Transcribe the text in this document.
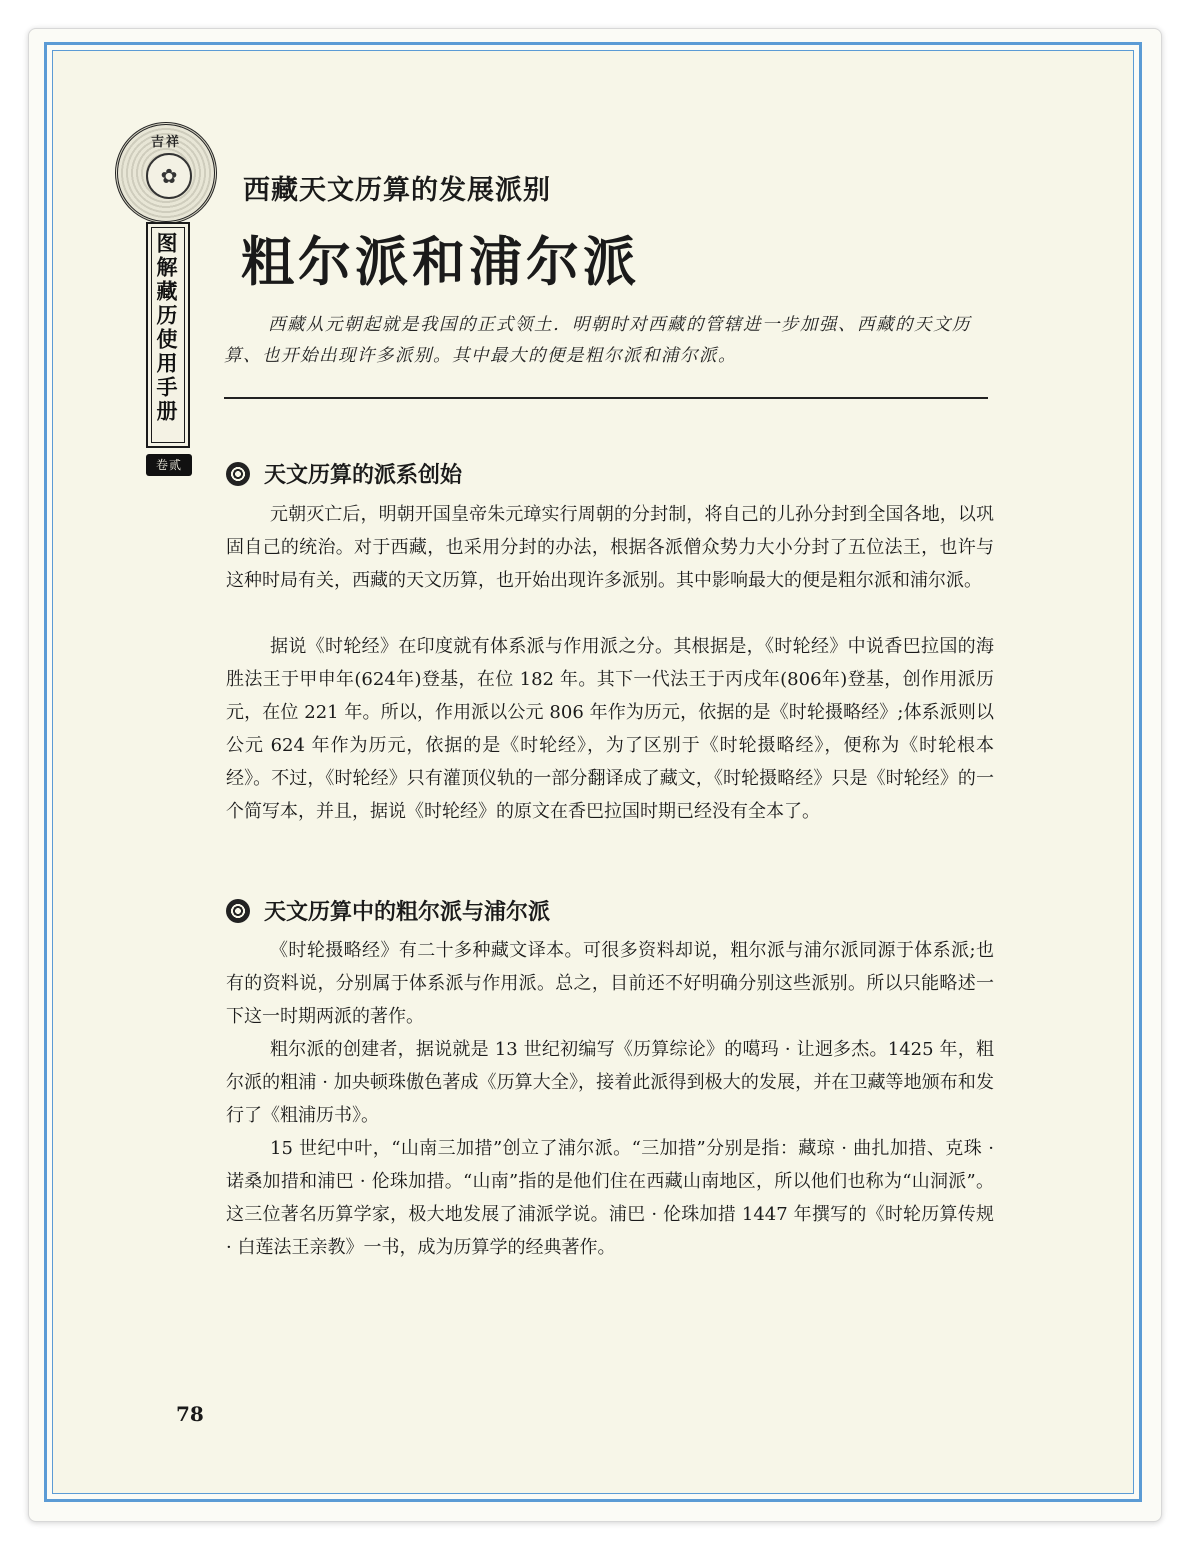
吉祥
✿
图解藏历使用手册
卷贰
西藏天文历算的发展派别
粗尔派和浦尔派
西藏从元朝起就是我国的正式领土．明朝时对西藏的管辖进一步加强、西藏的天文历算、也开始出现许多派别。其中最大的便是粗尔派和浦尔派。
天文历算的派系创始

元朝灭亡后，明朝开国皇帝朱元璋实行周朝的分封制，将自己的儿孙分封到全国各地，以巩固自己的统治。对于西藏，也采用分封的办法，根据各派僧众势力大小分封了五位法王，也许与这种时局有关，西藏的天文历算，也开始出现许多派别。其中影响最大的便是粗尔派和浦尔派。

据说《时轮经》在印度就有体系派与作用派之分。其根据是，《时轮经》中说香巴拉国的海胜法王于甲申年(624年)登基，在位 182 年。其下一代法王于丙戌年(806年)登基，创作用派历元，在位 221 年。所以，作用派以公元 806 年作为历元，依据的是《时轮摄略经》;体系派则以公元 624 年作为历元，依据的是《时轮经》，为了区别于《时轮摄略经》，便称为《时轮根本经》。不过，《时轮经》只有灌顶仪轨的一部分翻译成了藏文，《时轮摄略经》只是《时轮经》的一个简写本，并且，据说《时轮经》的原文在香巴拉国时期已经没有全本了。

天文历算中的粗尔派与浦尔派

《时轮摄略经》有二十多种藏文译本。可很多资料却说，粗尔派与浦尔派同源于体系派;也有的资料说，分别属于体系派与作用派。总之，目前还不好明确分别这些派别。所以只能略述一下这一时期两派的著作。

粗尔派的创建者，据说就是 13 世纪初编写《历算综论》的噶玛 · 让迥多杰。1425 年，粗尔派的粗浦 · 加央顿珠傲色著成《历算大全》，接着此派得到极大的发展，并在卫藏等地颁布和发行了《粗浦历书》。

15 世纪中叶，“山南三加措”创立了浦尔派。“三加措”分别是指：藏琼 · 曲扎加措、克珠 · 诺桑加措和浦巴 · 伦珠加措。“山南”指的是他们住在西藏山南地区，所以他们也称为“山洞派”。这三位著名历算学家，极大地发展了浦派学说。浦巴 · 伦珠加措 1447 年撰写的《时轮历算传规 · 白莲法王亲教》一书，成为历算学的经典著作。

78
